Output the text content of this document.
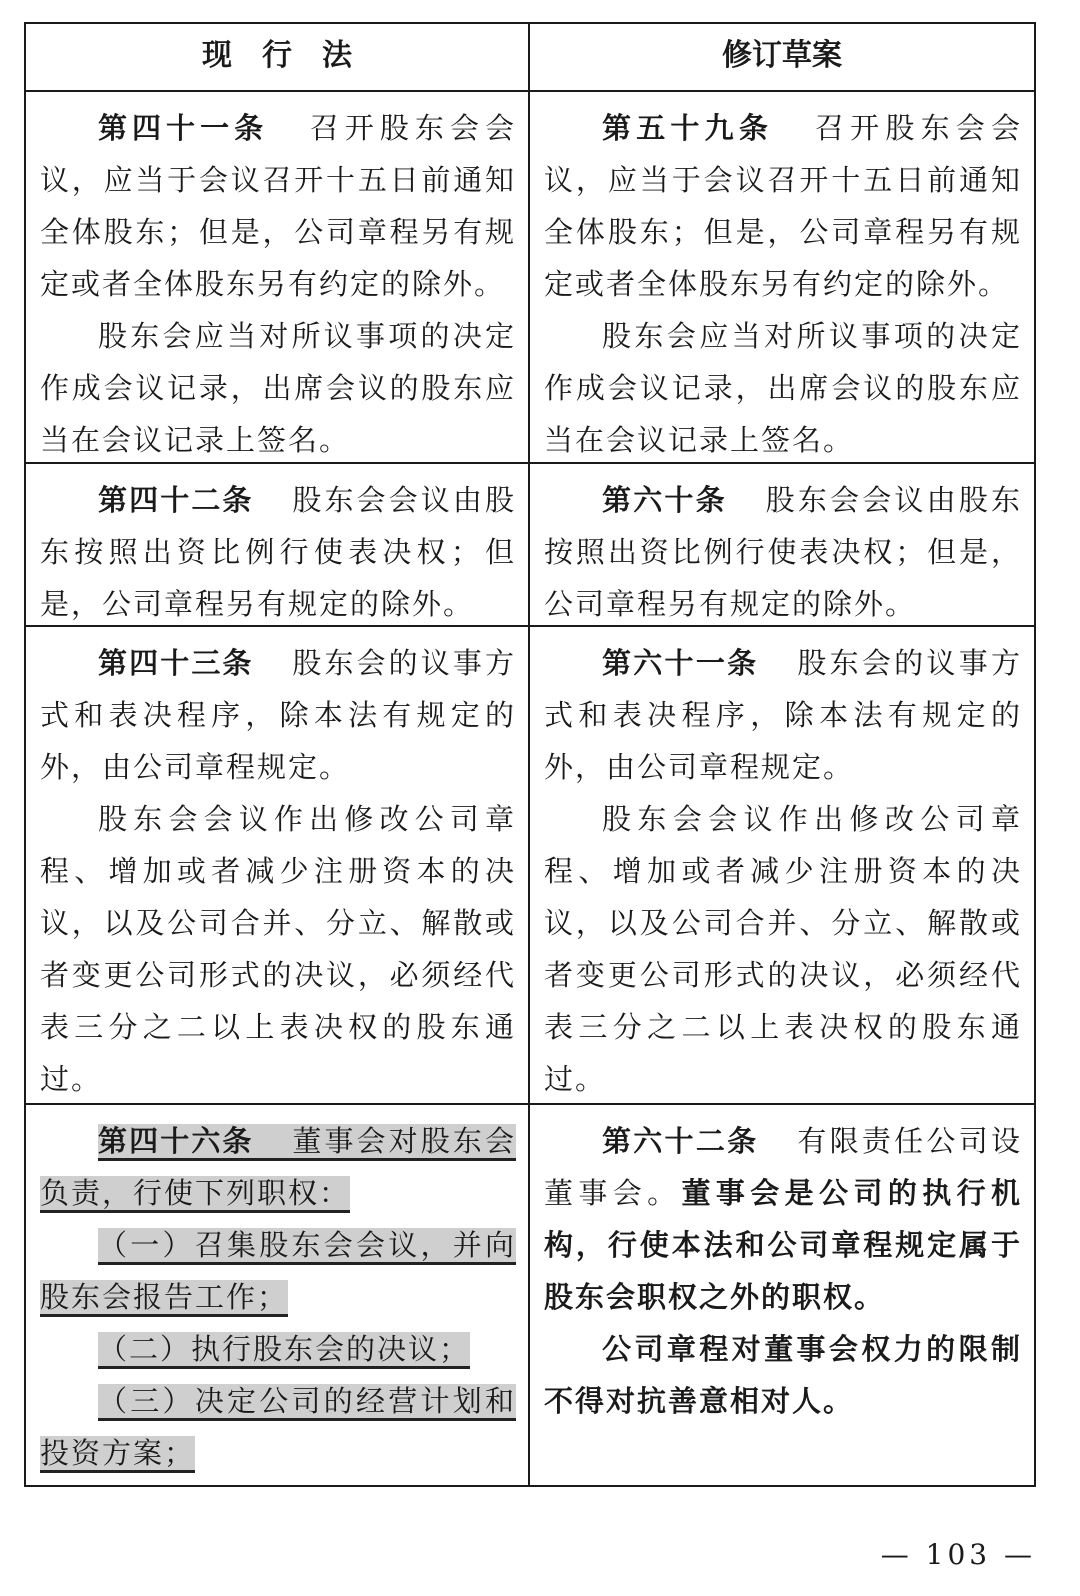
现　行　法	修订草案

第四十一条 召开股东会会议，应当于会议召开十五日前通知全体股东；但是，公司章程另有规定或者全体股东另有约定的除外。

股东会应当对所议事项的决定作成会议记录，出席会议的股东应当在会议记录上签名。

第五十九条 召开股东会会议，应当于会议召开十五日前通知全体股东；但是，公司章程另有规定或者全体股东另有约定的除外。

股东会应当对所议事项的决定作成会议记录，出席会议的股东应当在会议记录上签名。

第四十二条 股东会会议由股东按照出资比例行使表决权；但是，公司章程另有规定的除外。

第六十条 股东会会议由股东按照出资比例行使表决权；但是，公司章程另有规定的除外。

第四十三条 股东会的议事方式和表决程序，除本法有规定的外，由公司章程规定。

股东会会议作出修改公司章程、增加或者减少注册资本的决议，以及公司合并、分立、解散或者变更公司形式的决议，必须经代表三分之二以上表决权的股东通过。

第六十一条 股东会的议事方式和表决程序，除本法有规定的外，由公司章程规定。

股东会会议作出修改公司章程、增加或者减少注册资本的决议，以及公司合并、分立、解散或者变更公司形式的决议，必须经代表三分之二以上表决权的股东通过。

第四十六条 董事会对股东会负责，行使下列职权：

（一）召集股东会会议，并向股东会报告工作；

（二）执行股东会的决议；

（三）决定公司的经营计划和投资方案；

第六十二条 有限责任公司设董事会。董事会是公司的执行机构，行使本法和公司章程规定属于股东会职权之外的职权。

公司章程对董事会权力的限制不得对抗善意相对人。

— 103 —
